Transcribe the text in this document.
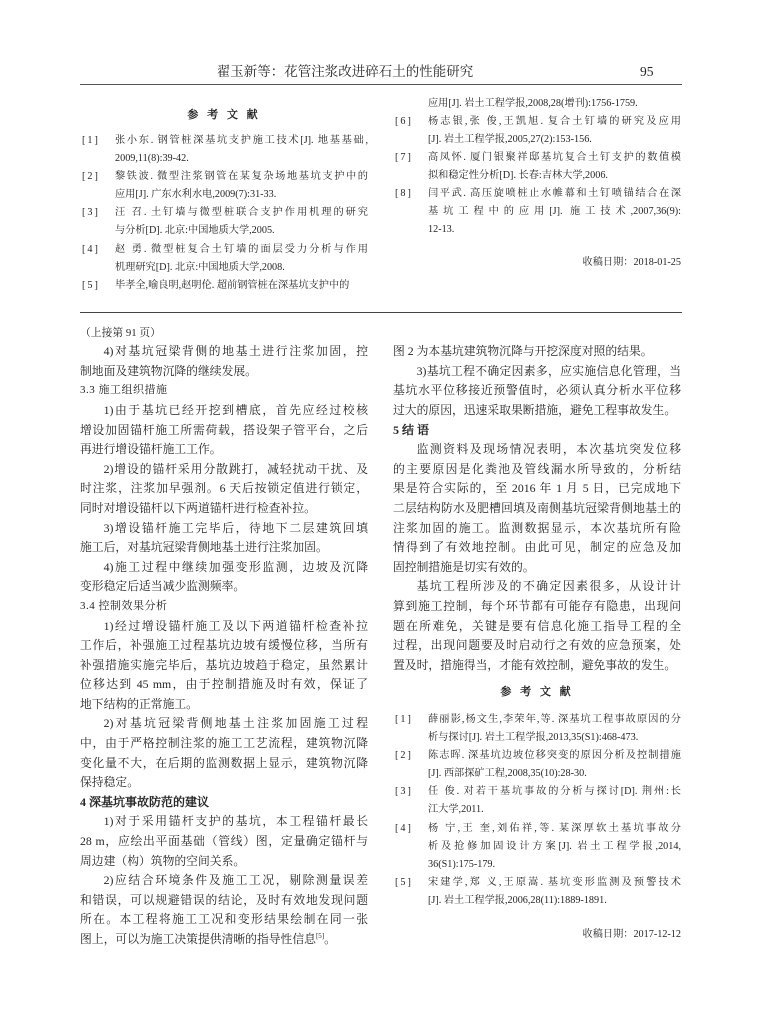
翟玉新等：花管注浆改进碎石土的性能研究	95
参 考 文 献
[1] 张小东. 钢管桩深基坑支护施工技术[J]. 地基基础,
2009,11(8):39-42.
[2] 黎铁波. 微型注浆钢管在某复杂场地基坑支护中的
应用[J]. 广东水利水电,2009(7):31-33.
[3] 汪 召. 土钉墙与微型桩联合支护作用机理的研究
与分析[D]. 北京:中国地质大学,2005.
[4] 赵 勇. 微型桩复合土钉墙的面层受力分析与作用
机理研究[D]. 北京:中国地质大学,2008.
[5] 毕孝全,喻良明,赵明伦. 超前钢管桩在深基坑支护中的
应用[J]. 岩土工程学报,2008,28(增刊):1756-1759.
[6] 杨志银,张 俊,王凯旭. 复合土钉墙的研究及应用
[J]. 岩土工程学报,2005,27(2):153-156.
[7] 高凤怀. 厦门银聚祥邸基坑复合土钉支护的数值模
拟和稳定性分析[D]. 长春:吉林大学,2006.
[8] 闫平武. 高压旋喷桩止水帷幕和土钉喷锚结合在深
基坑工程中的应用[J]. 施工技术,2007,36(9):
12-13.
收稿日期：2018-01-25
（上接第 91 页）
4)对基坑冠梁背侧的地基土进行注浆加固，控
制地面及建筑物沉降的继续发展。
3.3 施工组织措施
1)由于基坑已经开挖到槽底，首先应经过校核
增设加固锚杆施工所需荷载，搭设架子管平台，之后
再进行增设锚杆施工工作。
2)增设的锚杆采用分散跳打，减轻扰动干扰、及
时注浆，注浆加早强剂。6 天后按锁定值进行锁定，
同时对增设锚杆以下两道锚杆进行检查补拉。
3)增设锚杆施工完毕后，待地下二层建筑回填
施工后，对基坑冠梁背侧地基土进行注浆加固。
4)施工过程中继续加强变形监测，边坡及沉降
变形稳定后适当减少监测频率。
3.4 控制效果分析
1)经过增设锚杆施工及以下两道锚杆检查补拉
工作后，补强施工过程基坑边坡有缓慢位移，当所有
补强措施实施完毕后，基坑边坡趋于稳定，虽然累计
位移达到 45 mm，由于控制措施及时有效，保证了
地下结构的正常施工。
2)对基坑冠梁背侧地基土注浆加固施工过程
中，由于严格控制注浆的施工工艺流程，建筑物沉降
变化量不大，在后期的监测数据上显示，建筑物沉降
保持稳定。
4 深基坑事故防范的建议
1)对于采用锚杆支护的基坑，本工程锚杆最长
28 m，应绘出平面基础（管线）图，定量确定锚杆与
周边建（构）筑物的空间关系。
2)应结合环境条件及施工工况，剔除测量误差
和错误，可以规避错误的结论，及时有效地发现问题
所在。本工程将施工工况和变形结果绘制在同一张
图上，可以为施工决策提供清晰的指导性信息[5]。
图 2 为本基坑建筑物沉降与开挖深度对照的结果。
3)基坑工程不确定因素多，应实施信息化管理，当
基坑水平位移接近预警值时，必须认真分析水平位移
过大的原因，迅速采取果断措施，避免工程事故发生。
5 结 语
监测资料及现场情况表明，本次基坑突发位移
的主要原因是化粪池及管线漏水所导致的，分析结
果是符合实际的，至 2016 年 1 月 5 日，已完成地下
二层结构防水及肥槽回填及南侧基坑冠梁背侧地基土的
注浆加固的施工。监测数据显示，本次基坑所有险
情得到了有效地控制。由此可见，制定的应急及加
固控制措施是切实有效的。
基坑工程所涉及的不确定因素很多，从设计计
算到施工控制，每个环节都有可能存有隐患，出现问
题在所难免，关键是要有信息化施工指导工程的全
过程，出现问题要及时启动行之有效的应急预案，处
置及时，措施得当，才能有效控制，避免事故的发生。
参 考 文 献
[1] 薛丽影,杨文生,李荣年,等. 深基坑工程事故原因的分
析与探讨[J]. 岩土工程学报,2013,35(S1):468-473.
[2] 陈志晖. 深基坑边坡位移突变的原因分析及控制措施
[J]. 西部探矿工程,2008,35(10):28-30.
[3] 任 俊. 对若干基坑事故的分析与探讨[D]. 荆州:长
江大学,2011.
[4] 杨 宁,王 奎,刘佑祥,等. 某深厚软土基坑事故分
析及抢修加固设计方案[J]. 岩土工程学报,2014,
36(S1):175-179.
[5] 宋建学,郑 义,王原嵩. 基坑变形监测及预警技术
[J]. 岩土工程学报,2006,28(11):1889-1891.
收稿日期：2017-12-12
